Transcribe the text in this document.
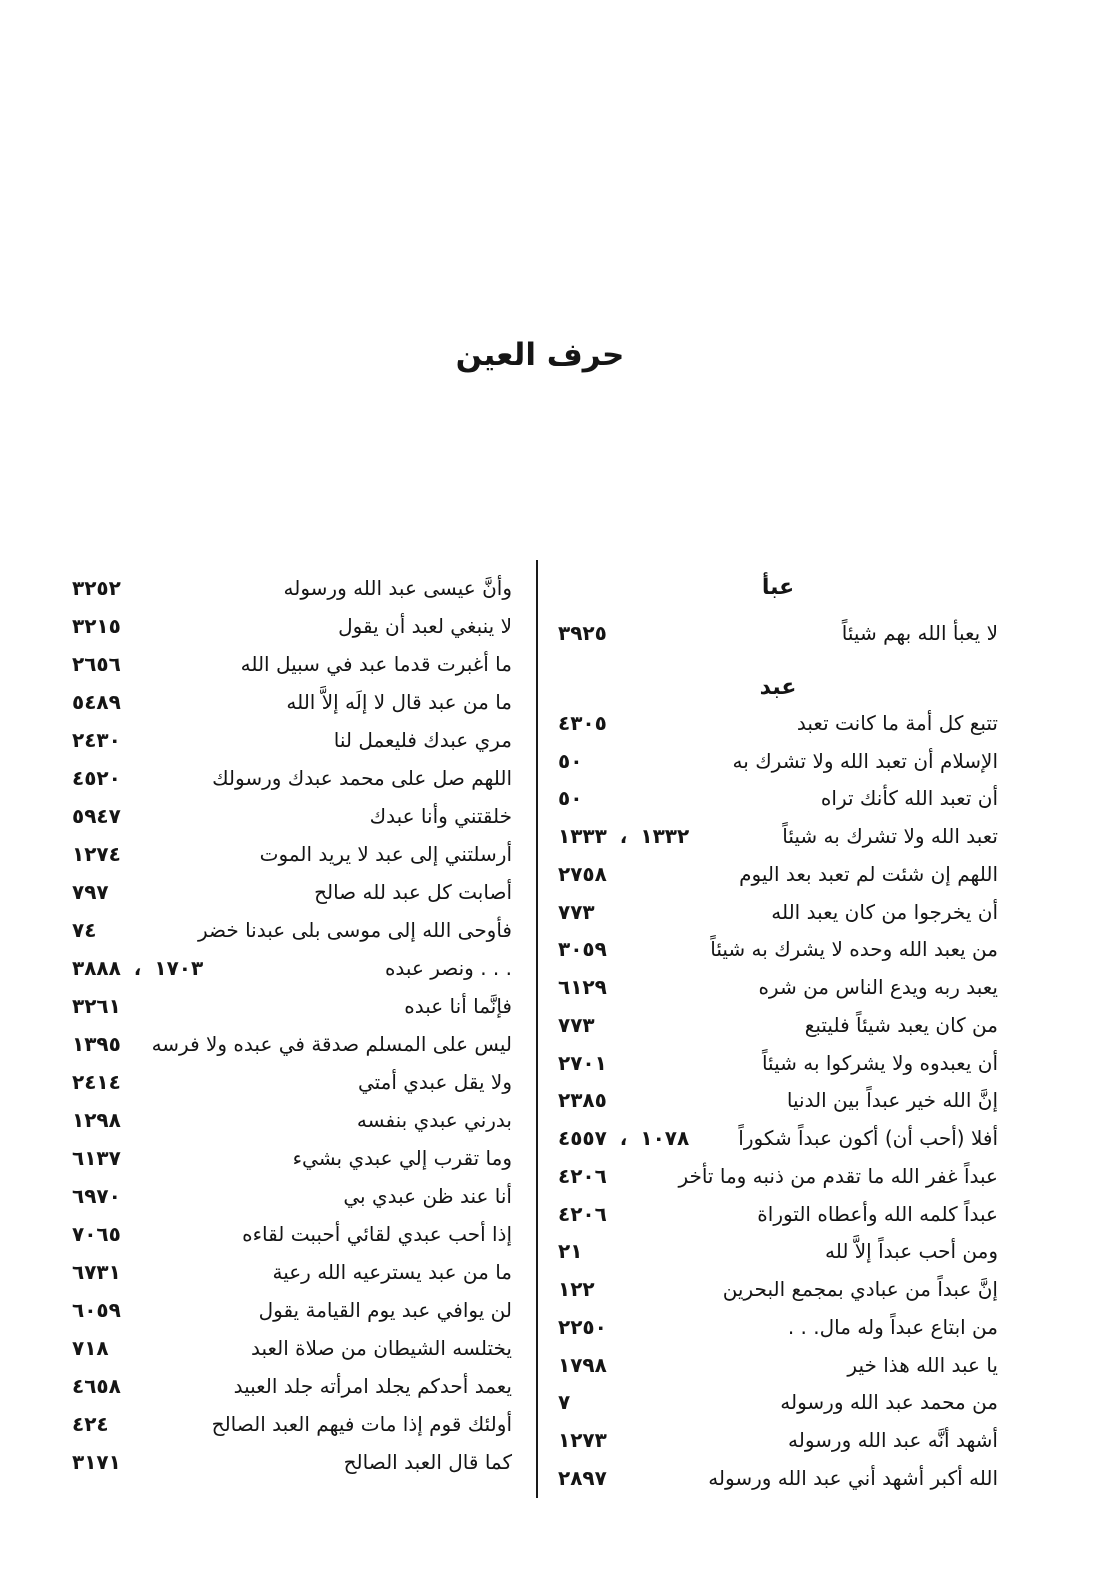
حرف العين
عبأ
لا يعبأ الله بهم شيئاً
٣٩٢٥
عبد
تتبع كل أمة ما كانت تعبد
٤٣٠٥
الإسلام أن تعبد الله ولا تشرك به
٥٠
أن تعبد الله كأنك تراه
٥٠
تعبد الله ولا تشرك به شيئاً
١٣٣٢ ، ١٣٣٣
اللهم إن شئت لم تعبد بعد اليوم
٢٧٥٨
أن يخرجوا من كان يعبد الله
٧٧٣
من يعبد الله وحده لا يشرك به شيئاً
٣٠٥٩
يعبد ربه ويدع الناس من شره
٦١٢٩
من كان يعبد شيئاً فليتبع
٧٧٣
أن يعبدوه ولا يشركوا به شيئاً
٢٧٠١
إنَّ الله خير عبداً بين الدنيا
٢٣٨٥
أفلا (أحب أن) أكون عبداً شكوراً
١٠٧٨ ، ٤٥٥٧
عبداً غفر الله ما تقدم من ذنبه وما تأخر
٤٢٠٦
عبداً كلمه الله وأعطاه التوراة
٤٢٠٦
ومن أحب عبداً إلاَّ لله
٢١
إنَّ عبداً من عبادي بمجمع البحرين
١٢٢
من ابتاع عبداً وله مال. . .
٢٢٥٠
يا عبد الله هذا خير
١٧٩٨
من محمد عبد الله ورسوله
٧
أشهد أنَّه عبد الله ورسوله
١٢٧٣
الله أكبر أشهد أني عبد الله ورسوله
٢٨٩٧
وأنَّ عيسى عبد الله ورسوله
٣٢٥٢
لا ينبغي لعبد أن يقول
٣٢١٥
ما أغبرت قدما عبد في سبيل الله
٢٦٥٦
ما من عبد قال لا إلَه إلاَّ الله
٥٤٨٩
مري عبدك فليعمل لنا
٢٤٣٠
اللهم صل على محمد عبدك ورسولك
٤٥٢٠
خلقتني وأنا عبدك
٥٩٤٧
أرسلتني إلى عبد لا يريد الموت
١٢٧٤
أصابت كل عبد لله صالح
٧٩٧
فأوحى الله إلى موسى بلى عبدنا خضر
٧٤
. . . ونصر عبده
١٧٠٣ ، ٣٨٨٨
فإنَّما أنا عبده
٣٢٦١
ليس على المسلم صدقة في عبده ولا فرسه
١٣٩٥
ولا يقل عبدي أمتي
٢٤١٤
بدرني عبدي بنفسه
١٢٩٨
وما تقرب إلي عبدي بشيء
٦١٣٧
أنا عند ظن عبدي بي
٦٩٧٠
إذا أحب عبدي لقائي أحببت لقاءه
٧٠٦٥
ما من عبد يسترعيه الله رعية
٦٧٣١
لن يوافي عبد يوم القيامة يقول
٦٠٥٩
يختلسه الشيطان من صلاة العبد
٧١٨
يعمد أحدكم يجلد امرأته جلد العبيد
٤٦٥٨
أولئك قوم إذا مات فيهم العبد الصالح
٤٢٤
كما قال العبد الصالح
٣١٧١
